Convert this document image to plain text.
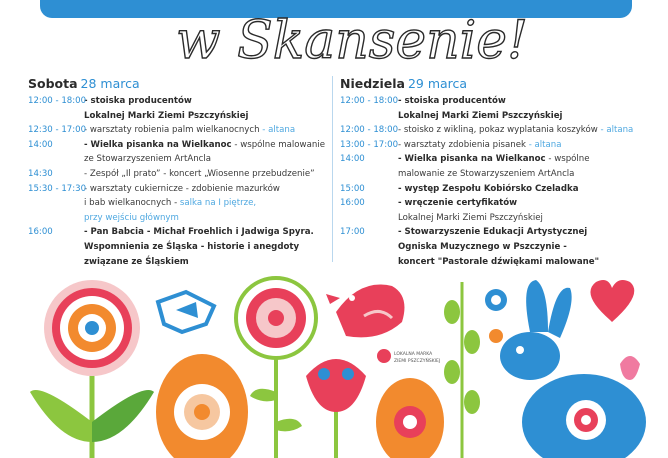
w Skansenie!
Sobota 28 marca
12:00 - 18:00
- stoiska producentów
Lokalnej Marki Ziemi Pszczyńskiej
12:30 - 17:00
- warsztaty robienia palm wielkanocnych - altana
14:00	- Wielka pisanka na Wielkanoc - wspólne malowanie
ze Stowarzyszeniem ArtAncla
14:30	- Zespół „Il prato” - koncert „Wiosenne przebudzenie”
15:30 - 17:30
- warsztaty cukiernicze - zdobienie mazurków
i bab wielkanocnych - salka na I piętrze,
przy wejściu głównym
16:00	- Pan Babcia - Michał Froehlich i Jadwiga Spyra.
Wspomnienia ze Śląska - historie i anegdoty
związane ze Śląskiem
Niedziela 29 marca
12:00 - 18:00 - stoiska producentów
Lokalnej Marki Ziemi Pszczyńskiej
12:00 - 18:00 - stoisko z wikliną, pokaz wyplatania koszyków - altana
13:00 - 17:00 - warsztaty zdobienia pisanek - altana
14:00	- Wielka pisanka na Wielkanoc - wspólne
malowanie ze Stowarzyszeniem ArtAncla
15:00	- występ Zespołu Kobiórsko Czeladka
16:00	- wręczenie certyfikatów
Lokalnej Marki Ziemi Pszczyńskiej
17:00	- Stowarzyszenie Edukacji Artystycznej
Ogniska Muzycznego w Pszczynie -
koncert "Pastorale dźwiękami malowane"
LOKALNA MARKA
ZIEMI PSZCZYŃSKIEJ
